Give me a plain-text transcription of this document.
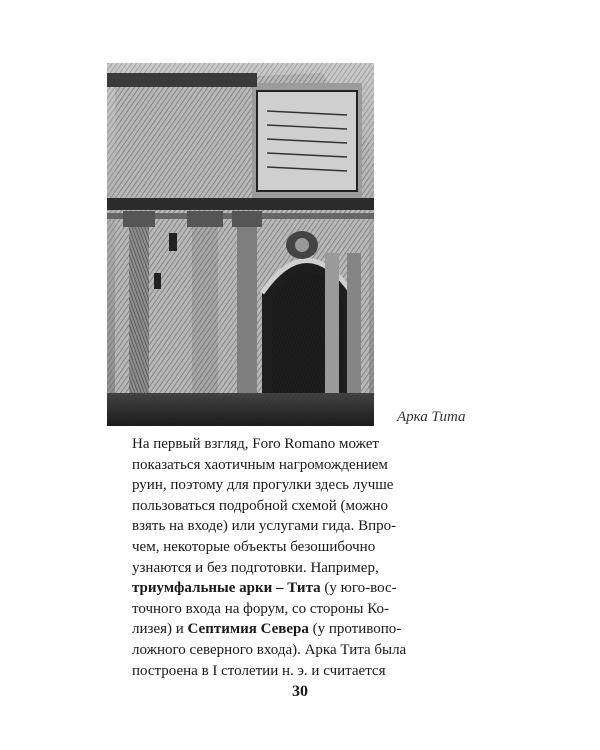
Арка Тита

На первый взгляд, Foro Romano может
показаться хаотичным нагромождением
руин, поэтому для прогулки здесь лучше
пользоваться подробной схемой (можно
взять на входе) или услугами гида. Впро-
чем, некоторые объекты безошибочно
узнаются и без подготовки. Например,
триумфальные арки – Тита (у юго-вос-
точного входа на форум, со стороны Ко-
лизея) и Септимия Севера (у противопо-
ложного северного входа). Арка Тита была
построена в I столетии н. э. и считается

30
